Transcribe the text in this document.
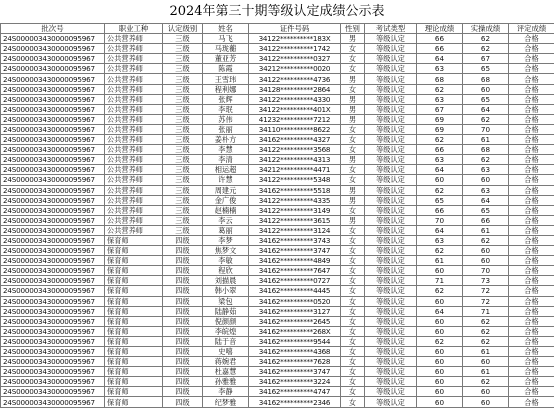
2024年第三十期等级认定成绩公示表
批次号	职业工种	认定级别	姓名	证件号码	性别	考试类型	理论成绩	实操成绩	评定成绩
24S000003430000095967	公共营养师	三级	马飞	34122**********183X	男	等级认定	66	62	合格
24S000003430000095967	公共营养师	三级	马珑蘅	34122**********1742	女	等级认定	66	62	合格
24S000003430000095967	公共营养师	三级	董亚芳	34122**********0327	女	等级认定	64	67	合格
24S000003430000095967	公共营养师	三级	陈霞	34212**********0020	女	等级认定	63	65	合格
24S000003430000095967	公共营养师	三级	王雪玮	34122**********4736	男	等级认定	68	68	合格
24S000003430000095967	公共营养师	三级	程利娜	34128**********2864	女	等级认定	62	60	合格
24S000003430000095967	公共营养师	三级	张辉	34122**********4330	男	等级认定	63	65	合格
24S000003430000095967	公共营养师	三级	李珉	34122**********401X	男	等级认定	67	64	合格
24S000003430000095967	公共营养师	三级	苏伟	41232**********7212	男	等级认定	69	62	合格
24S000003430000095967	公共营养师	三级	张丽	34110**********8622	女	等级认定	69	70	合格
24S000003430000095967	公共营养师	三级	姜朴方	34162**********4327	女	等级认定	62	61	合格
24S000003430000095967	公共营养师	三级	李慧	34122**********3568	女	等级认定	66	68	合格
24S000003430000095967	公共营养师	三级	李清	34122**********4313	男	等级认定	63	62	合格
24S000003430000095967	公共营养师	三级	相运超	34212**********4471	女	等级认定	64	63	合格
24S000003430000095967	公共营养师	三级	许慧	34122**********5348	女	等级认定	60	60	合格
24S000003430000095967	公共营养师	三级	周建元	34162**********5518	男	等级认定	62	63	合格
24S000003430000095967	公共营养师	三级	金广俊	34122**********4335	男	等级认定	65	64	合格
24S000003430000095967	公共营养师	三级	赵楠楠	34122**********3149	女	等级认定	66	65	合格
24S000003430000095967	公共营养师	三级	李云	34122**********3615	男	等级认定	70	66	合格
24S000003430000095967	公共营养师	三级	葛丽	34122**********3124	女	等级认定	64	61	合格
24S000003430000095967	保育师	四级	李梦	34162**********3743	女	等级认定	63	62	合格
24S000003430000095967	保育师	四级	焦梦文	34162**********3747	女	等级认定	62	60	合格
24S000003430000095967	保育师	四级	李敏	34162**********4849	女	等级认定	61	60	合格
24S000003430000095967	保育师	四级	程欣	34162**********7647	女	等级认定	60	70	合格
24S000003430000095967	保育师	四级	刘描晨	34162**********0727	女	等级认定	71	73	合格
24S000003430000095967	保育师	四级	韩小翠	34162**********4445	女	等级认定	62	72	合格
24S000003430000095967	保育师	四级	梁包	34162**********0520	女	等级认定	60	72	合格
24S000003430000095967	保育师	四级	陆静茹	34162**********3127	女	等级认定	64	71	合格
24S000003430000095967	保育师	四级	倪颜颜	34162**********2645	女	等级认定	60	62	合格
24S000003430000095967	保育师	四级	李皖煌	34162**********268X	女	等级认定	60	62	合格
24S000003430000095967	保育师	四级	陆于音	34162**********9544	女	等级认定	62	62	合格
24S000003430000095967	保育师	四级	史嘻	34162**********4368	女	等级认定	60	61	合格
24S000003430000095967	保育师	四级	蒋婉君	34162**********7628	女	等级认定	60	60	合格
24S000003430000095967	保育师	四级	杜嘉慧	34162**********3747	女	等级认定	60	61	合格
24S000003430000095967	保育师	四级	孙雅雅	34162**********3224	女	等级认定	60	62	合格
24S000003430000095967	保育师	四级	李静	34162**********4747	女	等级认定	60	60	合格
24S000003430000095967	保育师	四级	纪梦雅	34162**********2346	女	等级认定	60	60	合格
